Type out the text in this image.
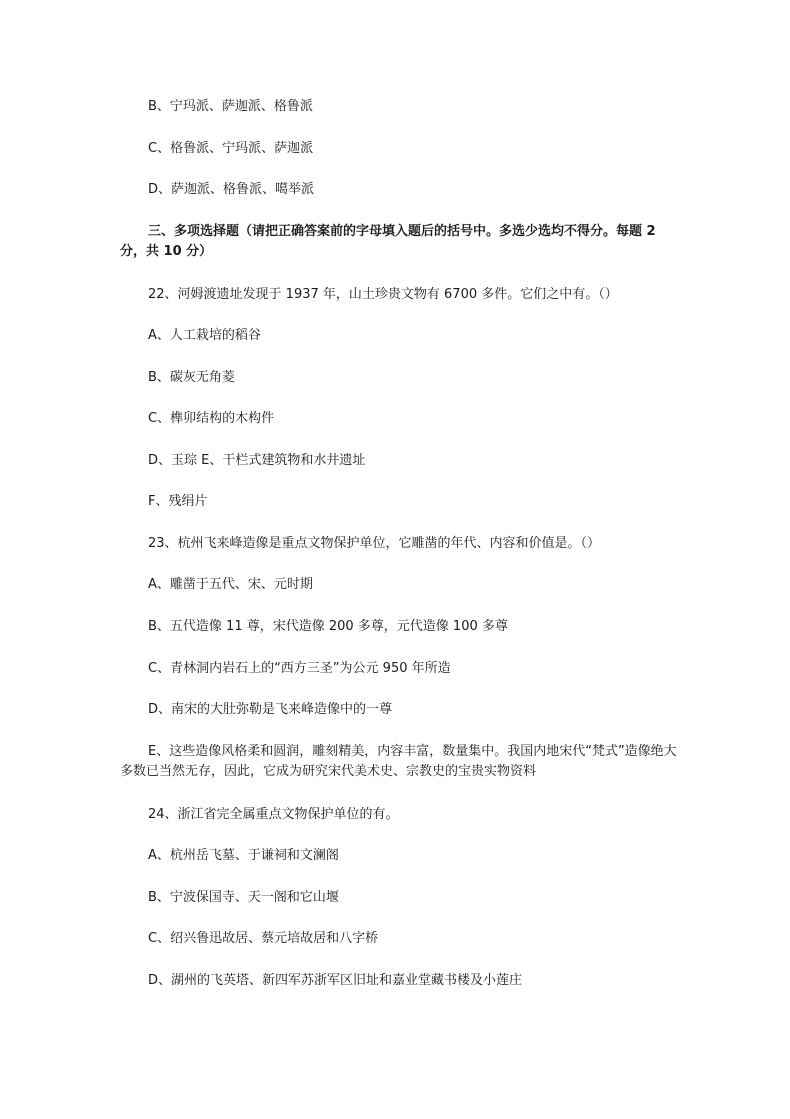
B、宁玛派、萨迦派、格鲁派
C、格鲁派、宁玛派、萨迦派
D、萨迦派、格鲁派、噶举派
三、多项选择题（请把正确答案前的字母填入题后的括号中。多选少选均不得分。每题 2 分，共 10 分）
22、河姆渡遗址发现于 1937 年，山土珍贵文物有 6700 多件。它们之中有。（）
A、人工栽培的稻谷
B、碳灰无角菱
C、榫卯结构的木构件
D、玉琮 E、干栏式建筑物和水井遗址
F、残绢片
23、杭州飞来峰造像是重点文物保护单位，它雕凿的年代、内容和价值是。（）
A、雕凿于五代、宋、元时期
B、五代造像 11 尊，宋代造像 200 多尊，元代造像 100 多尊
C、青林洞内岩石上的“西方三圣”为公元 950 年所造
D、南宋的大肚弥勒是飞来峰造像中的一尊
E、这些造像风格柔和圆润，雕刻精美，内容丰富，数量集中。我国内地宋代“梵式”造像绝大多数已当然无存，因此，它成为研究宋代美术史、宗教史的宝贵实物资料
24、浙江省完全属重点文物保护单位的有。
A、杭州岳飞墓、于谦祠和文澜阁
B、宁波保国寺、天一阁和它山堰
C、绍兴鲁迅故居、蔡元培故居和八字桥
D、湖州的飞英塔、新四军苏浙军区旧址和嘉业堂藏书楼及小莲庄
